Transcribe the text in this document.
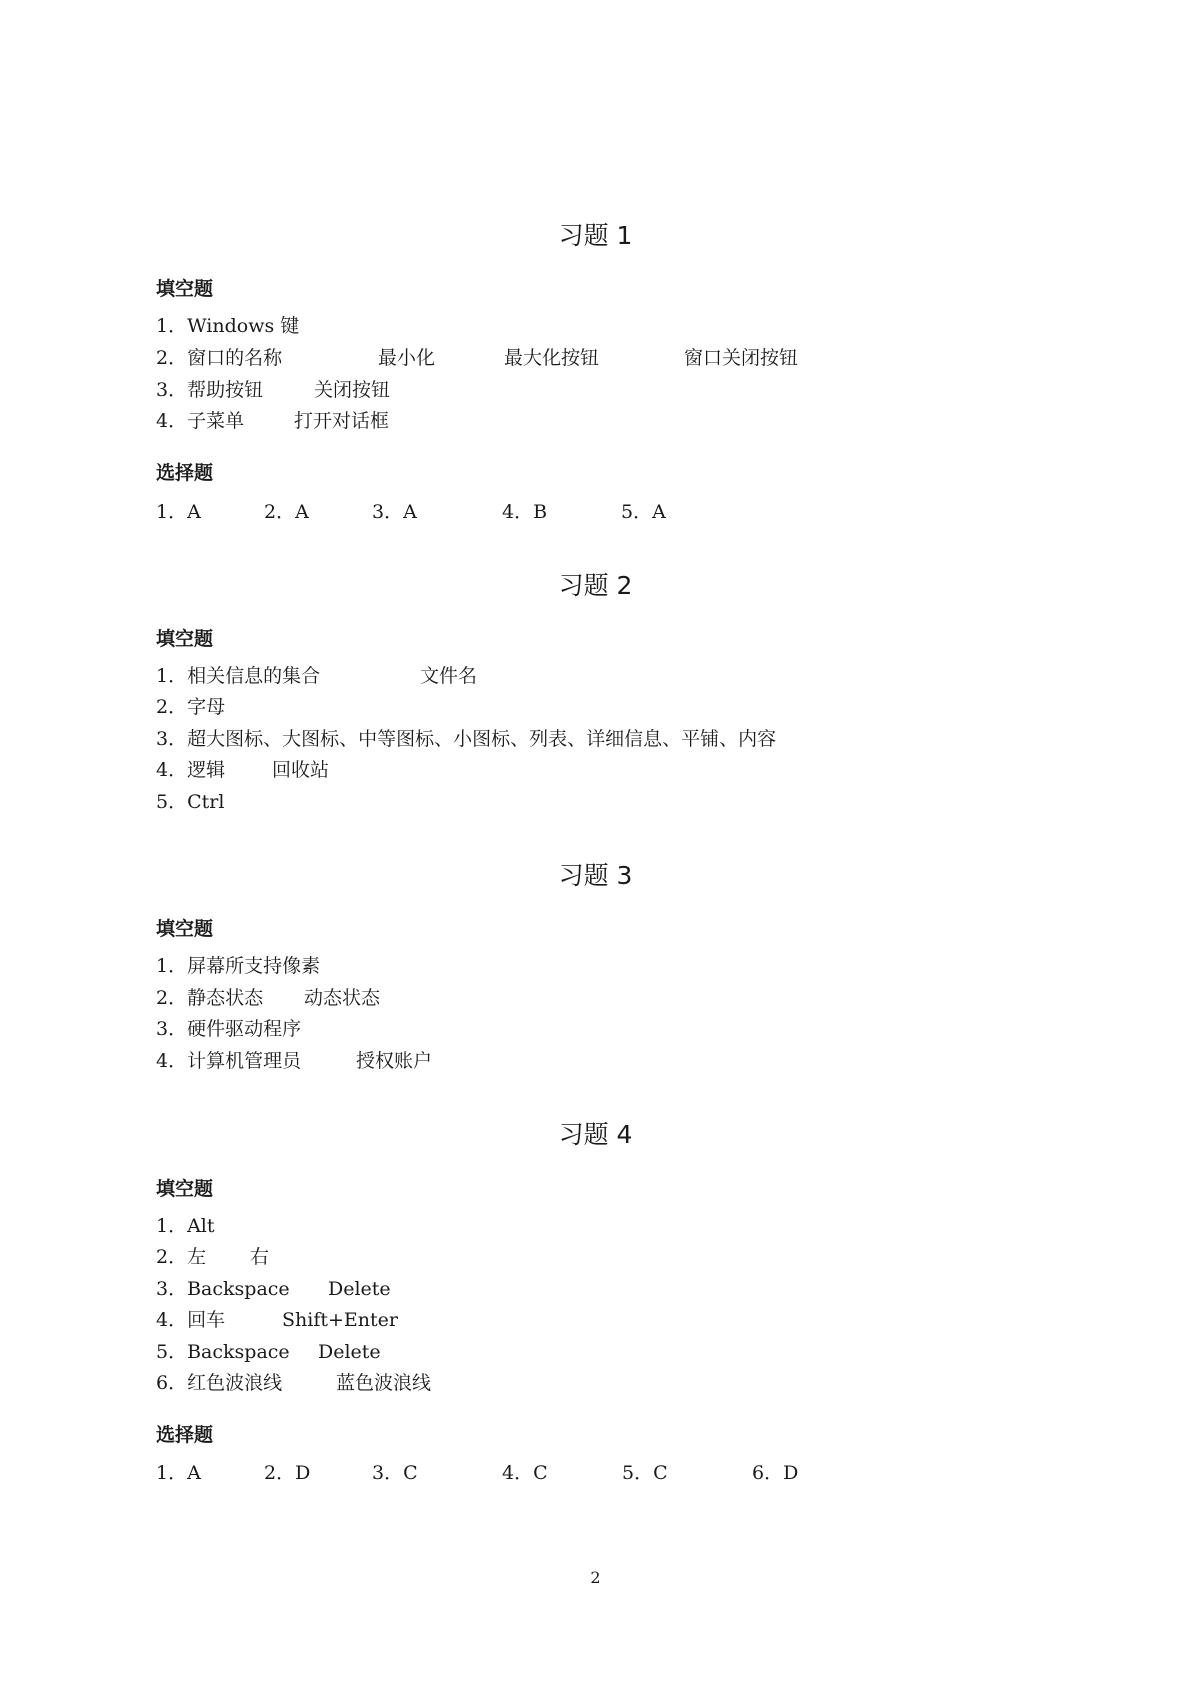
习题 1
填空题
1．Windows 键
2．窗口的名称	最小化	最大化按钮	窗口关闭按钮
3．帮助按钮	关闭按钮
4．子菜单	打开对话框
选择题
1．A	2．A	3．A	4．B	5．A
习题 2
填空题
1．相关信息的集合	文件名
2．字母
3．超大图标、大图标、中等图标、小图标、列表、详细信息、平铺、内容
4．逻辑 回收站
5．Ctrl
习题 3
填空题
1．屏幕所支持像素
2．静态状态 动态状态
3．硬件驱动程序
4．计算机管理员	授权账户
习题 4
填空题
1．Alt
2．左 右
3．Backspace Delete
4．回车	Shift+Enter
5．Backspace Delete
6．红色波浪线	蓝色波浪线
选择题
1．A	2．D	3．C	4．C	5．C	6．D
2
